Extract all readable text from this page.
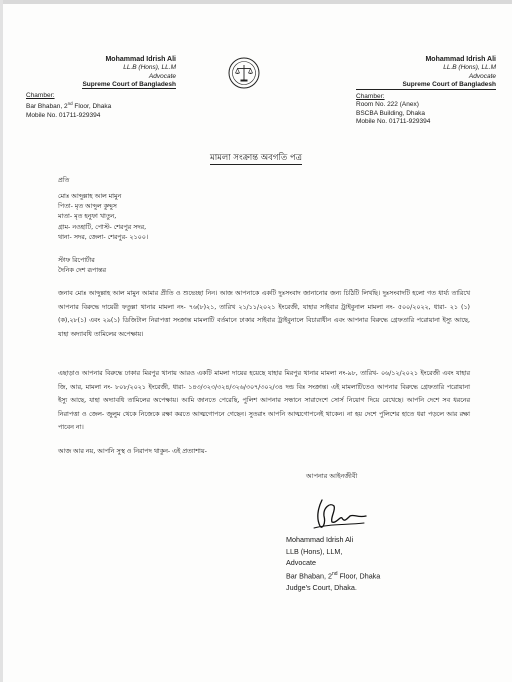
Mohammad Idrish Ali
LL.B (Hons), LL.M
Advocate
Supreme Court of Bangladesh
Chamber:
Bar Bhaban, 2nd Floor, Dhaka
Mobile No. 01711-929394
Mohammad Idrish Ali
LL.B (Hons), LL.M
Advocate
Supreme Court of Bangladesh
Chamber:
Room No. 222 (Anex)
BSCBA Building, Dhaka
Mobile No. 01711-929394
মামলা সংক্রান্ত অবগতি পত্র
প্রতি
মোঃ আব্দুল্লাহ আল মামুন
পিতা- মৃত আব্দুল কুদ্দুস
মাতা- মৃত হনুফা খাতুন,
গ্রাম- নওহাটি, পোস্ট- শেরপুর সদর,
থানা- সদর, জেলা- শেরপুর- ২১০০।
স্টাফ রিপোর্টার
দৈনিক দেশ রূপান্তর
জনাব মোঃ আব্দুল্লাহ আল মামুন আমার প্রীতি ও শুভেচ্ছা নিন। আজ আপনাকে একটি দুঃসংবাদ জানানোর জন্য চিঠিটি লিখছি। দুঃসংবাদটি হলো গত ধার্য্য তারিখে আপনার বিরুদ্ধে দায়েরী ফতুল্লা থানার মামলা নং- ৭৬(৮)২১, তারিখ ২১/১১/২০২১ ইংরেজী, যাহার সাইবার ট্রাইবুনাল মামলা নং- ৫০০/২০২২, ধারা- ২১ (১)(ক),২৮(১) এবং ২৯(১) ডিজিটাল নিরাপত্তা সংক্রান্ত মামলাটি বর্তমানে ঢাকার সাইবার ট্রাইবুনালে বিচারাধীন এবং আপনার বিরুদ্ধে গ্রেফতারি পরোয়ানা ইস্যু আছে, যাহা অদ্যাবধি তামিলের অপেক্ষায়।
এছাড়াও আপনার বিরুদ্ধে ঢাকার মিরপুর থানায় আরও একটি মামলা দায়ের হয়েছে যাহার মিরপুর থানার মামলা নং-৯৮, তারিখ- ০৬/১২/২০২১ ইংরেজী এবং যাহার জি, আর, মামলা নং- ৮০৮/২০২১ ইংরেজী, ধারা- ১৪৩/৩২৩/৩২৪/৩২৬/৩০৭/৩০২/৩৪ দন্ড বিঃ সংক্রান্ত। এই মামলাটিতেও আপনার বিরুদ্ধে গ্রেফতারি পরোয়ানা ইস্যু আছে, যাহা অদ্যাবধি তামিলের অপেক্ষায়। আমি জানতে পেরেছি, পুলিশ আপনার সন্ধানে সারাদেশে সোর্স নিয়োগ দিয়ে রেখেছে। আপনি দেশে সব ধরনের নিরাপত্তা ও জেল- জুলুম থেকে নিজেকে রক্ষা করতে আত্মগোপনে গেছেন। সুতরাং আপনি আত্মগোপনেই থাকেন। না হয় দেশে পুলিশের হাতে ধরা পড়লে আর রক্ষা পাবেন না।
আজ আর নয়, আপনি সুস্থ ও নিরাপদ থাকুন- এই প্রত্যাশায়-
আপনার আইনজীবী
Mohammad Idrish Ali
LLB (Hons), LLM,
Advocate
Bar Bhaban, 2nd Floor, Dhaka
Judge's Court, Dhaka.
